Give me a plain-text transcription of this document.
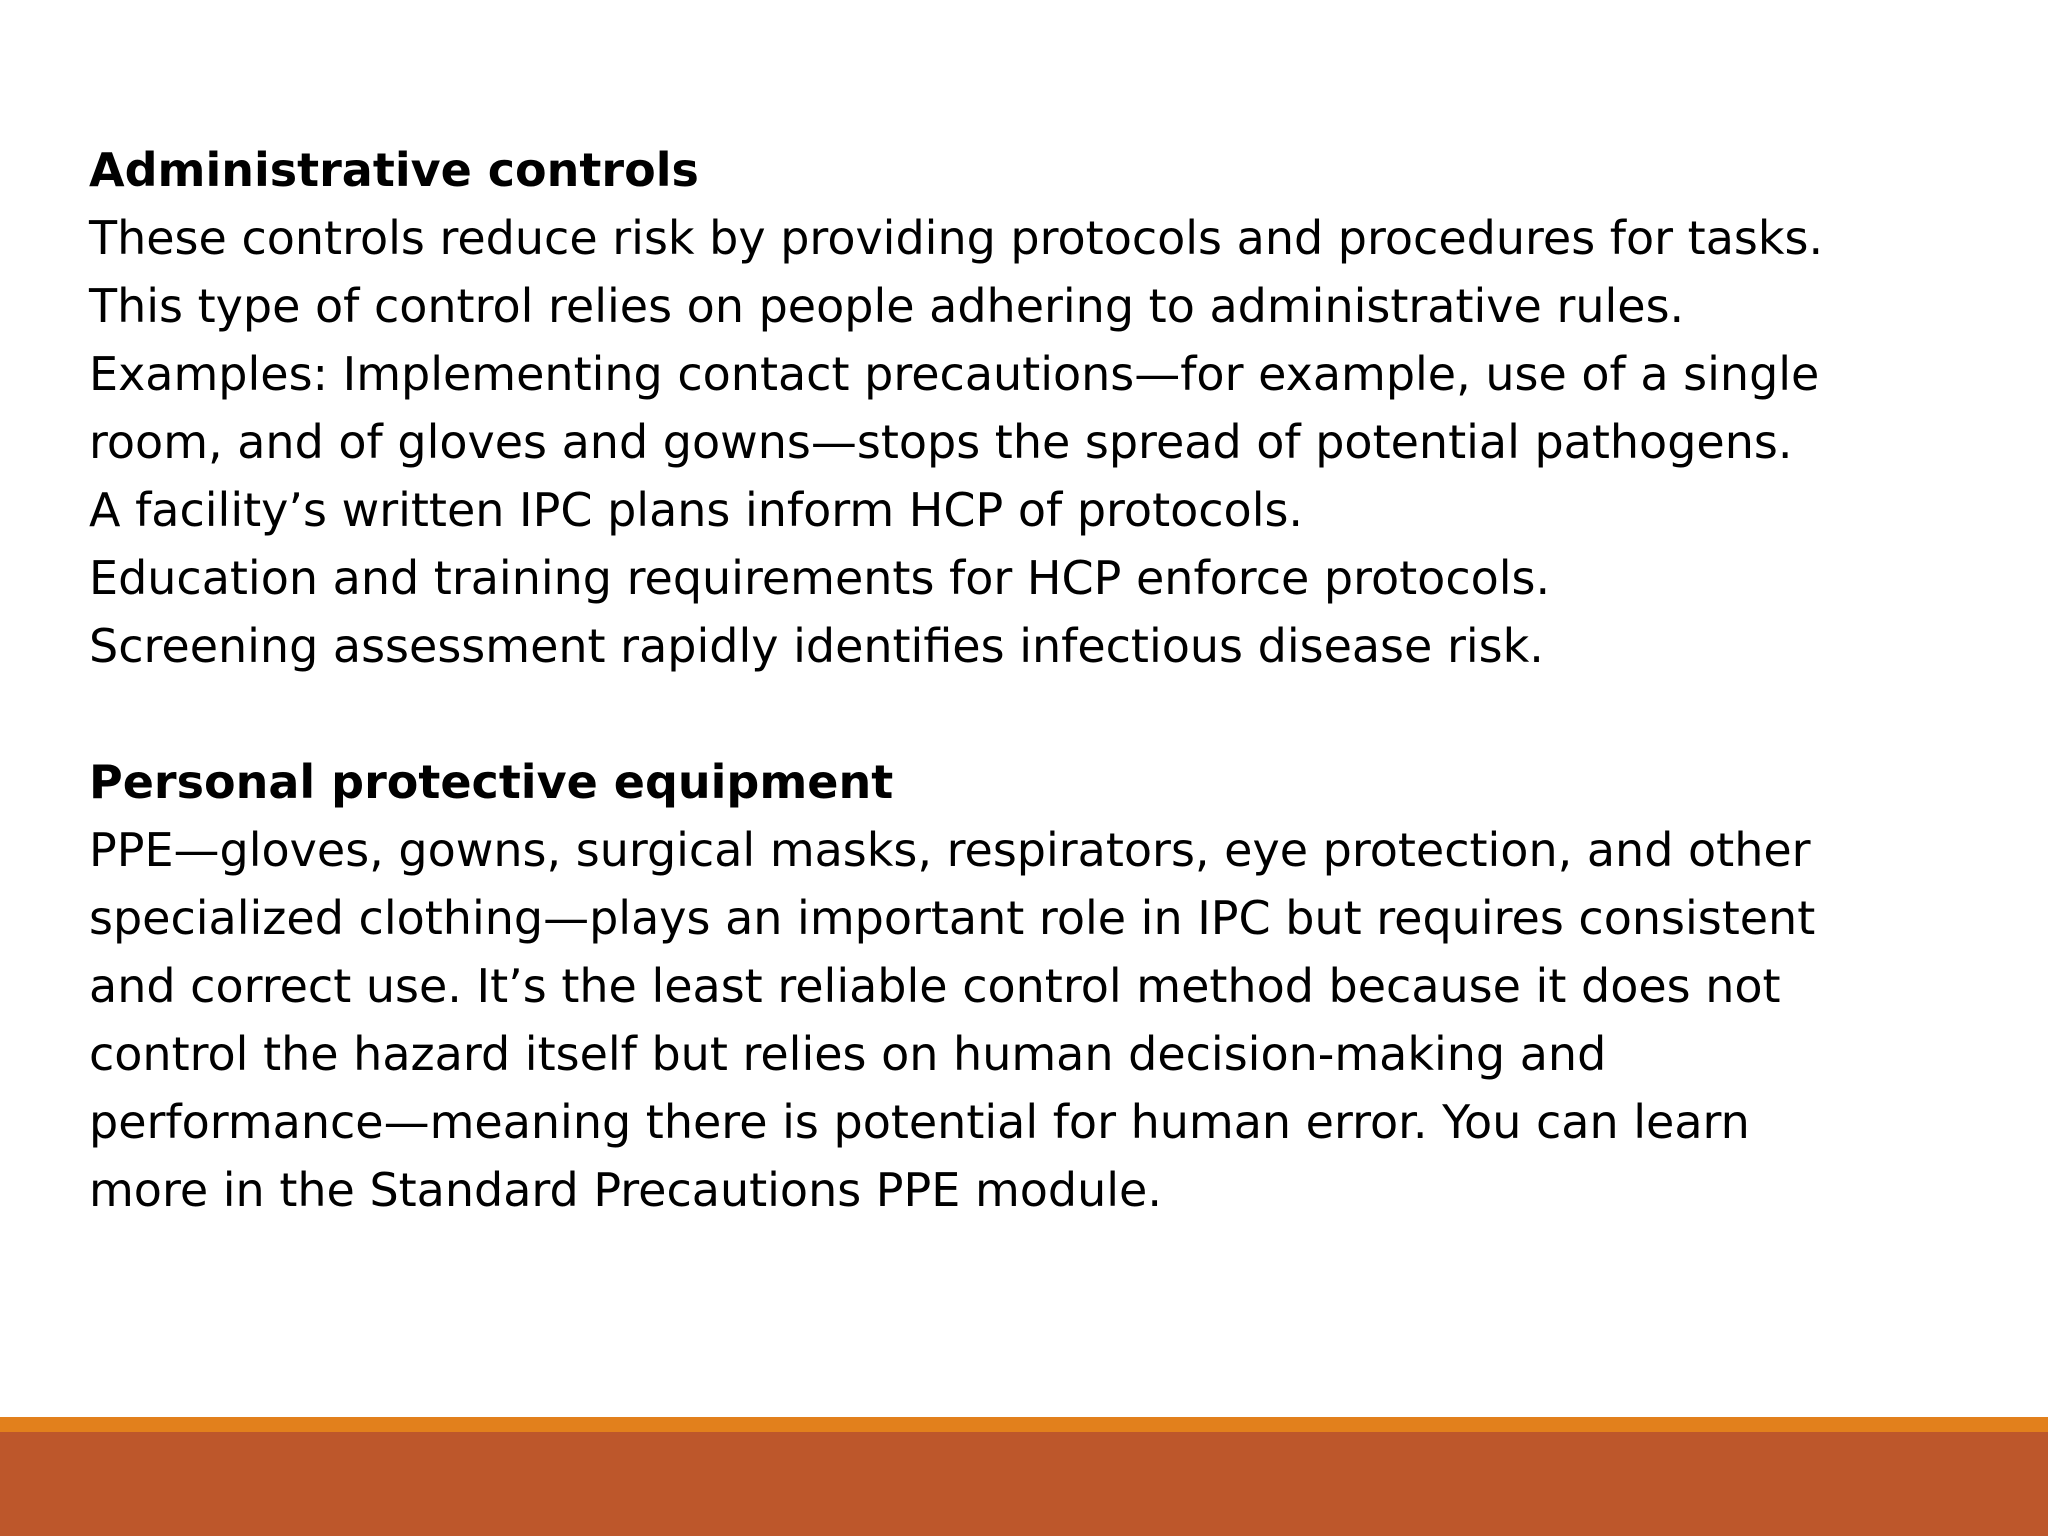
Administrative controls

These controls reduce risk by providing protocols and procedures for tasks.

This type of control relies on people adhering to administrative rules.

Examples: Implementing contact precautions—for example, use of a single

room, and of gloves and gowns—stops the spread of potential pathogens.

A facility’s written IPC plans inform HCP of protocols.

Education and training requirements for HCP enforce protocols.

Screening assessment rapidly identifies infectious disease risk.

Personal protective equipment

PPE—gloves, gowns, surgical masks, respirators, eye protection, and other

specialized clothing—plays an important role in IPC but requires consistent

and correct use. It’s the least reliable control method because it does not

control the hazard itself but relies on human decision-making and

performance—meaning there is potential for human error. You can learn

more in the Standard Precautions PPE module.
